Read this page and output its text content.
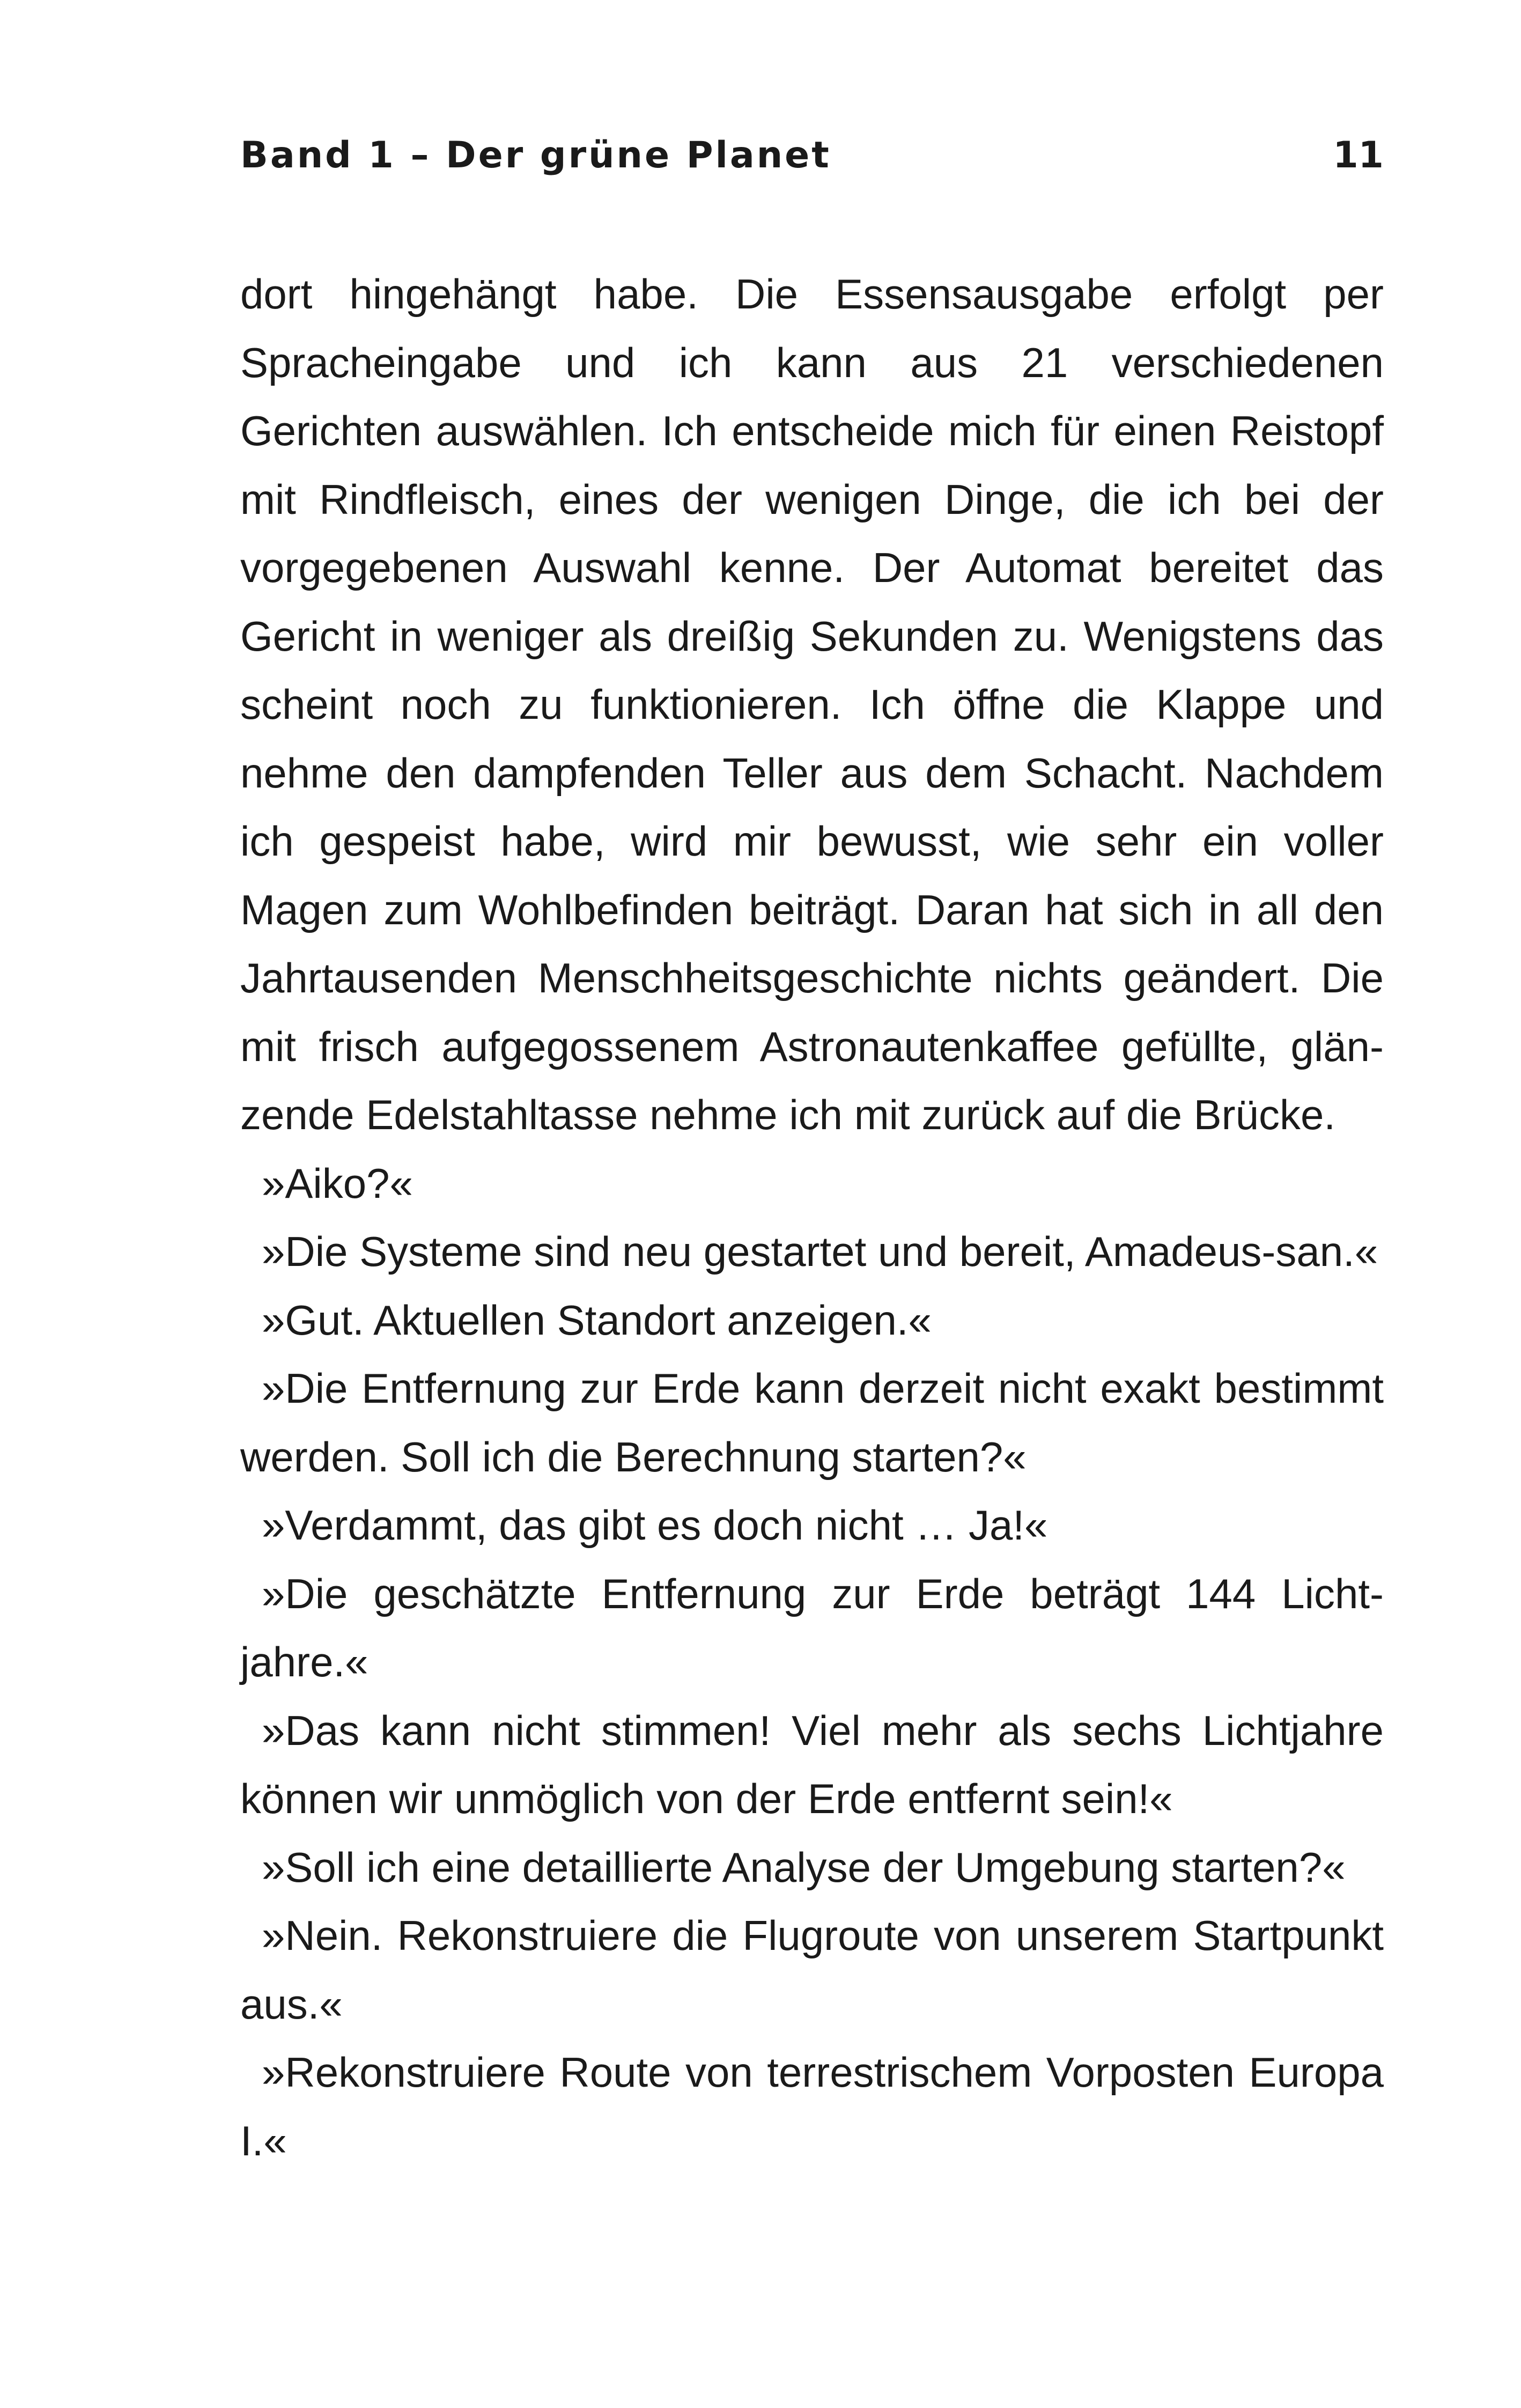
Band 1 – Der grüne Planet	11

dort hingehängt habe. Die Essensausgabe erfolgt per Spracheingabe und ich kann aus 21 verschiedenen Gerichten auswählen. Ich entscheide mich für einen Reistopf mit Rindfleisch, eines der wenigen Dinge, die ich bei der vorgegebenen Auswahl kenne. Der Automat bereitet das Gericht in weniger als dreißig Sekunden zu. Wenigstens das scheint noch zu funktionieren. Ich öffne die Klappe und nehme den dampfenden Teller aus dem Schacht. Nachdem ich gespeist habe, wird mir bewusst, wie sehr ein voller Magen zum Wohlbefinden beiträgt. Daran hat sich in all den Jahrtausenden Menschheitsgeschichte nichts geändert. Die mit frisch aufgegossenem Astronautenkaffee gefüllte, glänzende Edelstahltasse nehme ich mit zurück auf die Brücke.

»Aiko?«

»Die Systeme sind neu gestartet und bereit, Amadeus-san.«

»Gut. Aktuellen Standort anzeigen.«

»Die Entfernung zur Erde kann derzeit nicht exakt bestimmt werden. Soll ich die Berechnung starten?«

»Verdammt, das gibt es doch nicht … Ja!«

»Die geschätzte Entfernung zur Erde beträgt 144 Lichtjahre.«

»Das kann nicht stimmen! Viel mehr als sechs Lichtjahre können wir unmöglich von der Erde entfernt sein!«

»Soll ich eine detaillierte Analyse der Umgebung starten?«

»Nein. Rekonstruiere die Flugroute von unserem Startpunkt aus.«

»Rekonstruiere Route von terrestrischem Vorposten Europa I.«
